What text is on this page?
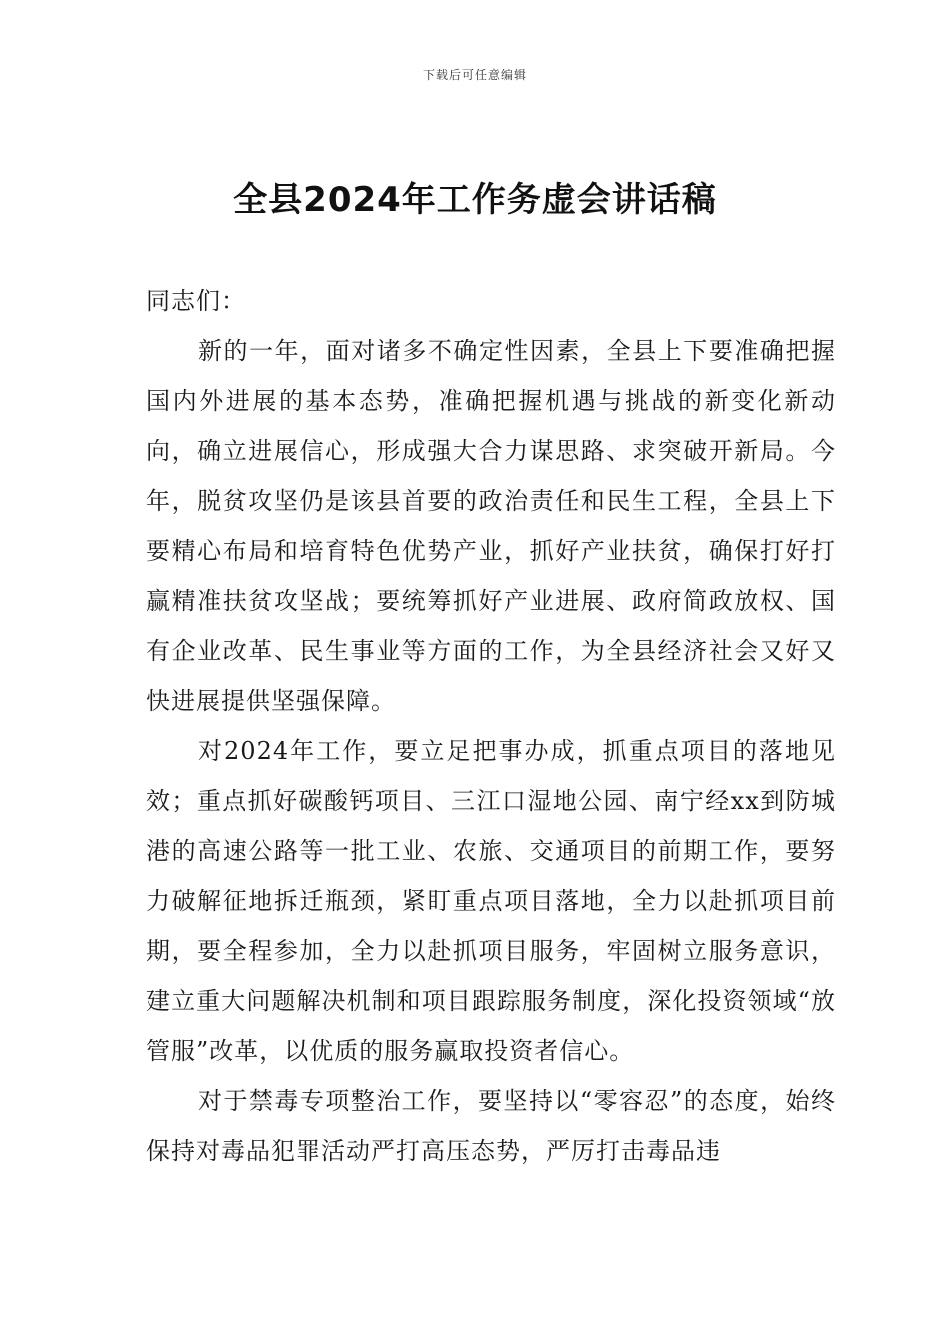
下载后可任意编辑
全县2024年工作务虚会讲话稿

同志们：

新的一年，面对诸多不确定性因素，全县上下要准确把握国内外进展的基本态势，准确把握机遇与挑战的新变化新动向，确立进展信心，形成强大合力谋思路、求突破开新局。今年，脱贫攻坚仍是该县首要的政治责任和民生工程，全县上下要精心布局和培育特色优势产业，抓好产业扶贫，确保打好打赢精准扶贫攻坚战；要统筹抓好产业进展、政府简政放权、国有企业改革、民生事业等方面的工作，为全县经济社会又好又快进展提供坚强保障。

对2024年工作，要立足把事办成，抓重点项目的落地见效；重点抓好碳酸钙项目、三江口湿地公园、南宁经xx到防城港的高速公路等一批工业、农旅、交通项目的前期工作，要努力破解征地拆迁瓶颈，紧盯重点项目落地，全力以赴抓项目前期，要全程参加，全力以赴抓项目服务，牢固树立服务意识，建立重大问题解决机制和项目跟踪服务制度，深化投资领域“放管服”改革，以优质的服务赢取投资者信心。

对于禁毒专项整治工作，要坚持以“零容忍”的态度，始终保持对毒品犯罪活动严打高压态势，严厉打击毒品违
